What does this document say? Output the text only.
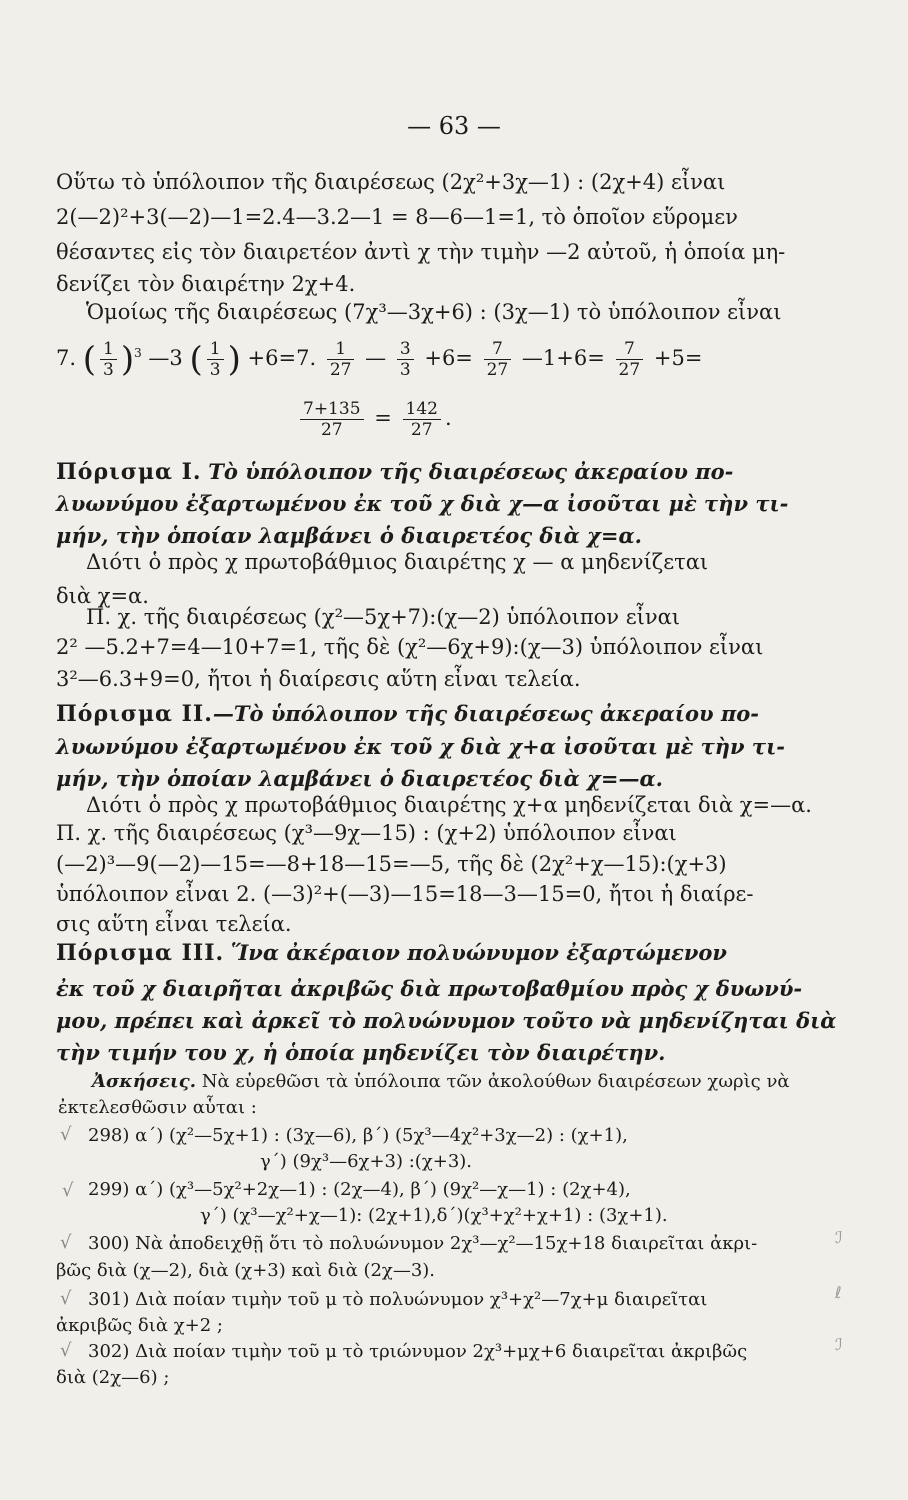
— 63 —
Οὕτω τὸ ὑπόλοιπον τῆς διαιρέσεως (2χ²+3χ—1) : (2χ+4) εἶναι
2(—2)²+3(—2)—1=2.4—3.2—1 = 8—6—1=1, τὸ ὁποῖον εὕρομεν
θέσαντες εἰς τὸν διαιρετέον ἀντὶ χ τὴν τιμὴν —2 αὐτοῦ, ἡ ὁποία μη-
δενίζει τὸν διαιρέτην 2χ+4.
Ὁμοίως τῆς διαιρέσεως (7χ³—3χ+6) : (3χ—1) τὸ ὑπόλοιπον εἶναι
7. ( $\frac{1}{3} )^3$ —3 ( $\frac{1}{3}$ ) +6=7. $\frac{1}{27}$ — $\frac{3}{3} +6= \frac{7}{27}$ —1+6= $\frac{7}{27} +5=$
$\frac{7+135}{27} = \frac{142}{27}$ .
Πόρισμα I. Τὸ ὑπόλοιπον τῆς διαιρέσεως ἀκεραίου πο-
λυωνύμου ἐξαρτωμένου ἐκ τοῦ χ διὰ χ—α ἰσοῦται μὲ τὴν τι-
μήν, τὴν ὁποίαν λαμβάνει ὁ διαιρετέος διὰ χ=α.
Διότι ὁ πρὸς χ πρωτοβάθμιος διαιρέτης χ — α μηδενίζεται
διὰ χ=α.
Π. χ. τῆς διαιρέσεως (χ²—5χ+7):(χ—2) ὑπόλοιπον εἶναι
2² —5.2+7=4—10+7=1, τῆς δὲ (χ²—6χ+9):(χ—3) ὑπόλοιπον εἶναι
3²—6.3+9=0, ἤτοι ἡ διαίρεσις αὕτη εἶναι τελεία.
Πόρισμα II.—Τὸ ὑπόλοιπον τῆς διαιρέσεως ἀκεραίου πο-
λυωνύμου ἐξαρτωμένου ἐκ τοῦ χ διὰ χ+α ἰσοῦται μὲ τὴν τι-
μήν, τὴν ὁποίαν λαμβάνει ὁ διαιρετέος διὰ χ=—α.
Διότι ὁ πρὸς χ πρωτοβάθμιος διαιρέτης χ+α μηδενίζεται διὰ χ=—α.
Π. χ. τῆς διαιρέσεως (χ³—9χ—15) : (χ+2) ὑπόλοιπον εἶναι
(—2)³—9(—2)—15=—8+18—15=—5, τῆς δὲ (2χ²+χ—15):(χ+3)
ὑπόλοιπον εἶναι 2. (—3)²+(—3)—15=18—3—15=0, ἤτοι ἡ διαίρε-
σις αὕτη εἶναι τελεία.
Πόρισμα III. Ἵνα ἀκέραιον πολυώνυμον ἐξαρτώμενον
ἐκ τοῦ χ διαιρῆται ἀκριβῶς διὰ πρωτοβαθμίου πρὸς χ δυωνύ-
μου, πρέπει καὶ ἀρκεῖ τὸ πολυώνυμον τοῦτο νὰ μηδενίζηται διὰ
τὴν τιμήν του χ, ἡ ὁποία μηδενίζει τὸν διαιρέτην.
Ἀσκήσεις. Νὰ εὑρεθῶσι τὰ ὑπόλοιπα τῶν ἀκολούθων διαιρέσεων χωρὶς νὰ
ἐκτελεσθῶσιν αὗται :
√ 298) α΄) (χ²—5χ+1) : (3χ—6), β΄) (5χ³—4χ²+3χ—2) : (χ+1),
γ΄) (9χ³—6χ+3) :(χ+3).
√ 299) α΄) (χ³—5χ²+2χ—1) : (2χ—4), β΄) (9χ²—χ—1) : (2χ+4),
γ΄) (χ³—χ²+χ—1): (2χ+1),δ΄)(χ³+χ²+χ+1) : (3χ+1).
√ 300) Νὰ ἀποδειχθῇ ὅτι τὸ πολυώνυμον 2χ³—χ²—15χ+18 διαιρεῖται ἀκρι-	ℐ
βῶς διὰ (χ—2), διὰ (χ+3) καὶ διὰ (2χ—3).
√ 301) Διὰ ποίαν τιμὴν τοῦ μ τὸ πολυώνυμον χ³+χ²—7χ+μ διαιρεῖται	ℓ
ἀκριβῶς διὰ χ+2 ;
√ 302) Διὰ ποίαν τιμὴν τοῦ μ τὸ τριώνυμον 2χ³+μχ+6 διαιρεῖται ἀκριβῶς	ℐ
διὰ (2χ—6) ;
